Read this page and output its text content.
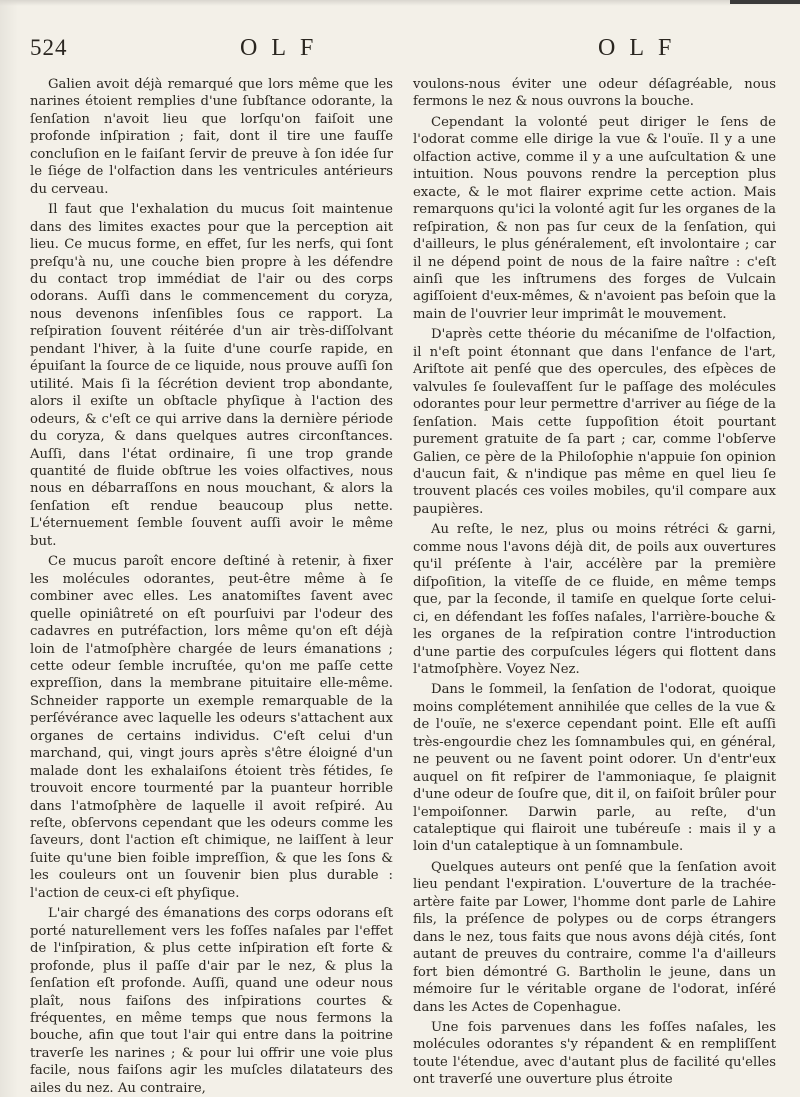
524	OLF	OLF

Galien avoit déjà remarqué que lors même que les narines étoient remplies d'une ſubſtance odorante, la ſenſation n'avoit lieu que lorſqu'on faiſoit une profonde inſpiration ; fait, dont il tire une fauſſe concluſion en le faiſant ſervir de preuve à ſon idée ſur le ſiége de l'olfaction dans les ventricules antérieurs du cerveau.

Il faut que l'exhalation du mucus ſoit maintenue dans des limites exactes pour que la perception ait lieu. Ce mucus forme, en effet, ſur les nerfs, qui ſont preſqu'à nu, une couche bien propre à les défendre du contact trop immédiat de l'air ou des corps odorans. Auſſi dans le commencement du coryza, nous devenons inſenſibles ſous ce rapport. La reſpiration ſouvent réitérée d'un air très-diſſolvant pendant l'hiver, à la ſuite d'une courſe rapide, en épuiſant la ſource de ce liquide, nous prouve auſſi ſon utilité. Mais ſi la ſécrétion devient trop abondante, alors il exiſte un obſtacle phyſique à l'action des odeurs, & c'eſt ce qui arrive dans la dernière période du coryza, & dans quelques autres circonſtances. Auſſi, dans l'état ordinaire, ſi une trop grande quantité de fluide obſtrue les voies olfactives, nous nous en débarraſſons en nous mouchant, & alors la ſenſation eſt rendue beaucoup plus nette. L'éternuement ſemble ſouvent auſſi avoir le même but.

Ce mucus paroît encore deſtiné à retenir, à fixer les molécules odorantes, peut-être même à ſe combiner avec elles. Les anatomiſtes ſavent avec quelle opiniâtreté on eſt pourſuivi par l'odeur des cadavres en putréfaction, lors même qu'on eſt déjà loin de l'atmoſphère chargée de leurs émanations ; cette odeur ſemble incruſtée, qu'on me paſſe cette expreſſion, dans la membrane pituitaire elle-même. Schneider rapporte un exemple remarquable de la perſévérance avec laquelle les odeurs s'attachent aux organes de certains individus. C'eſt celui d'un marchand, qui, vingt jours après s'être éloigné d'un malade dont les exhalaiſons étoient très fétides, ſe trouvoit encore tourmenté par la puanteur horrible dans l'atmoſphère de laquelle il avoit reſpiré. Au reſte, obſervons cependant que les odeurs comme les ſaveurs, dont l'action eſt chimique, ne laiſſent à leur ſuite qu'une bien foible impreſſion, & que les ſons & les couleurs ont un ſouvenir bien plus durable : l'action de ceux-ci eſt phyſique.

L'air chargé des émanations des corps odorans eſt porté naturellement vers les foſſes naſales par l'effet de l'inſpiration, & plus cette inſpiration eſt forte & profonde, plus il paſſe d'air par le nez, & plus la ſenſation eſt profonde. Auſſi, quand une odeur nous plaît, nous faiſons des inſpirations courtes & fréquentes, en même temps que nous fermons la bouche, afin que tout l'air qui entre dans la poitrine traverſe les narines ; & pour lui offrir une voie plus facile, nous faiſons agir les muſcles dilatateurs des ailes du nez. Au contraire,

voulons-nous éviter une odeur déſagréable, nous fermons le nez & nous ouvrons la bouche.

Cependant la volonté peut diriger le ſens de l'odorat comme elle dirige la vue & l'ouïe. Il y a une olfaction active, comme il y a une auſcultation & une intuition. Nous pouvons rendre la perception plus exacte, & le mot flairer exprime cette action. Mais remarquons qu'ici la volonté agit ſur les organes de la reſpiration, & non pas ſur ceux de la ſenſation, qui d'ailleurs, le plus généralement, eſt involontaire ; car il ne dépend point de nous de la faire naître : c'eſt ainſi que les inſtrumens des forges de Vulcain agiſſoient d'eux-mêmes, & n'avoient pas beſoin que la main de l'ouvrier leur imprimât le mouvement.

D'après cette théorie du mécaniſme de l'olfaction, il n'eſt point étonnant que dans l'enfance de l'art, Ariſtote ait penſé que des opercules, des eſpèces de valvules ſe ſoulevaſſent ſur le paſſage des molécules odorantes pour leur permettre d'arriver au ſiége de la ſenſation. Mais cette ſuppoſition étoit pourtant purement gratuite de ſa part ; car, comme l'obſerve Galien, ce père de la Philoſophie n'appuie ſon opinion d'aucun fait, & n'indique pas même en quel lieu ſe trouvent placés ces voiles mobiles, qu'il compare aux paupières.

Au reſte, le nez, plus ou moins rétréci & garni, comme nous l'avons déjà dit, de poils aux ouvertures qu'il préſente à l'air, accélère par la première diſpoſition, la viteſſe de ce fluide, en même temps que, par la ſeconde, il tamiſe en quelque ſorte celui-ci, en défendant les foſſes naſales, l'arrière-bouche & les organes de la reſpiration contre l'introduction d'une partie des corpuſcules légers qui flottent dans l'atmoſphère. Voyez Nez.

Dans le ſommeil, la ſenſation de l'odorat, quoique moins complétement annihilée que celles de la vue & de l'ouïe, ne s'exerce cependant point. Elle eſt auſſi très-engourdie chez les ſomnambules qui, en général, ne peuvent ou ne ſavent point odorer. Un d'entr'eux auquel on fit reſpirer de l'ammoniaque, ſe plaignit d'une odeur de ſouſre que, dit il, on faiſoit brûler pour l'empoiſonner. Darwin parle, au reſte, d'un cataleptique qui flairoit une tubéreuſe : mais il y a loin d'un cataleptique à un ſomnambule.

Quelques auteurs ont penſé que la ſenſation avoit lieu pendant l'expiration. L'ouverture de la trachée-artère faite par Lower, l'homme dont parle de Lahire fils, la préſence de polypes ou de corps étrangers dans le nez, tous faits que nous avons déjà cités, ſont autant de preuves du contraire, comme l'a d'ailleurs fort bien démontré G. Bartholin le jeune, dans un mémoire ſur le véritable organe de l'odorat, inſéré dans les Actes de Copenhague.

Une fois parvenues dans les foſſes naſales, les molécules odorantes s'y répandent & en rempliſſent toute l'étendue, avec d'autant plus de facilité qu'elles ont traverſé une ouverture plus étroite
